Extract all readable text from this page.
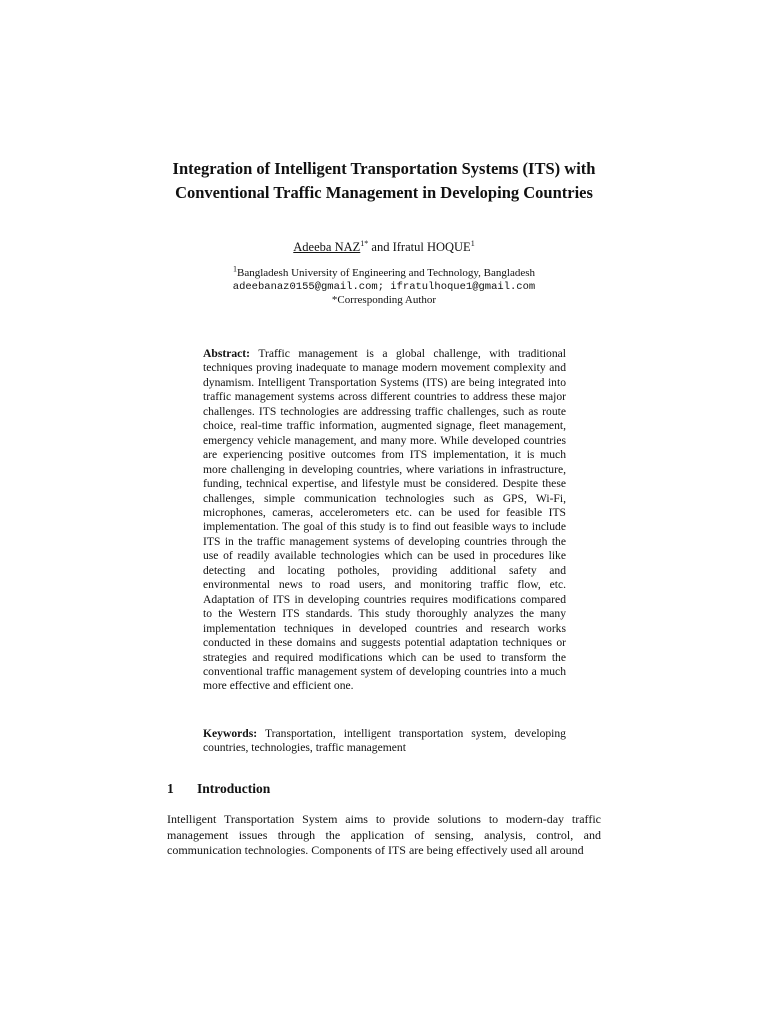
Integration of Intelligent Transportation Systems (ITS) with Conventional Traffic Management in Developing Countries

Adeeba $NAZ^{1*}$ and Ifratul HOQUE$^1$

$^1$Bangladesh University of Engineering and Technology, Bangladesh
adeebanaz0155@gmail.com; ifratulhoque1@gmail.com
*Corresponding Author

Abstract: Traffic management is a global challenge, with traditional techniques proving inadequate to manage modern movement complexity and dynamism. Intelligent Transportation Systems (ITS) are being integrated into traffic management systems across different countries to address these major challenges. ITS technologies are addressing traffic challenges, such as route choice, real-time traffic information, augmented signage, fleet management, emergency vehicle management, and many more. While developed countries are experiencing positive outcomes from ITS implementation, it is much more challenging in developing countries, where variations in infrastructure, funding, technical expertise, and lifestyle must be considered. Despite these challenges, simple communication technologies such as GPS, Wi-Fi, microphones, cameras, accelerometers etc. can be used for feasible ITS implementation. The goal of this study is to find out feasible ways to include ITS in the traffic management systems of developing countries through the use of readily available technologies which can be used in procedures like detecting and locating potholes, providing additional safety and environmental news to road users, and monitoring traffic flow, etc. Adaptation of ITS in developing countries requires modifications compared to the Western ITS standards. This study thoroughly analyzes the many implementation techniques in developed countries and research works conducted in these domains and suggests potential adaptation techniques or strategies and required modifications which can be used to transform the conventional traffic management system of developing countries into a much more effective and efficient one.

Keywords: Transportation, intelligent transportation system, developing countries, technologies, traffic management

1 Introduction

Intelligent Transportation System aims to provide solutions to modern-day traffic management issues through the application of sensing, analysis, control, and communication technologies. Components of ITS are being effectively used all around
